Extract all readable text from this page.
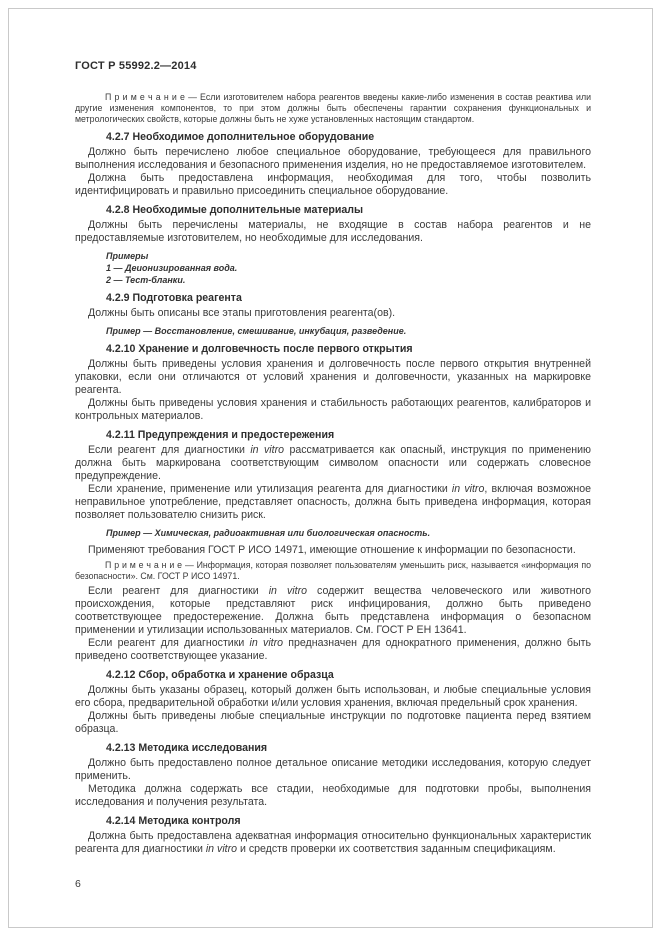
ГОСТ Р 55992.2—2014

П р и м е ч а н и е — Если изготовителем набора реагентов введены какие-либо изменения в состав реактива или другие изменения компонентов, то при этом должны быть обеспечены гарантии сохранения функциональных и метрологических свойств, которые должны быть не хуже установленных настоящим стандартом.

4.2.7 Необходимое дополнительное оборудование

Должно быть перечислено любое специальное оборудование, требующееся для правильного выполнения исследования и безопасного применения изделия, но не предоставляемое изготовителем.

Должна быть предоставлена информация, необходимая для того, чтобы позволить идентифицировать и правильно присоединить специальное оборудование.

4.2.8 Необходимые дополнительные материалы

Должны быть перечислены материалы, не входящие в состав набора реагентов и не предоставляемые изготовителем, но необходимые для исследования.

Примеры

1 — Деионизированная вода.

2 — Тест-бланки.

4.2.9 Подготовка реагента

Должны быть описаны все этапы приготовления реагента(ов).

Пример — Восстановление, смешивание, инкубация, разведение.

4.2.10 Хранение и долговечность после первого открытия

Должны быть приведены условия хранения и долговечность после первого открытия внутренней упаковки, если они отличаются от условий хранения и долговечности, указанных на маркировке реагента.

Должны быть приведены условия хранения и стабильность работающих реагентов, калибраторов и контрольных материалов.

4.2.11 Предупреждения и предостережения

Если реагент для диагностики in vitro рассматривается как опасный, инструкция по применению должна быть маркирована соответствующим символом опасности или содержать словесное предупреждение.

Если хранение, применение или утилизация реагента для диагностики in vitro, включая возможное неправильное употребление, представляет опасность, должна быть приведена информация, которая позволяет пользователю снизить риск.

Пример — Химическая, радиоактивная или биологическая опасность.

Применяют требования ГОСТ Р ИСО 14971, имеющие отношение к информации по безопасности.

П р и м е ч а н и е — Информация, которая позволяет пользователям уменьшить риск, называется «информация по безопасности». См. ГОСТ Р ИСО 14971.

Если реагент для диагностики in vitro содержит вещества человеческого или животного происхождения, которые представляют риск инфицирования, должно быть приведено соответствующее предостережение. Должна быть представлена информация о безопасном применении и утилизации использованных материалов. См. ГОСТ Р ЕН 13641.

Если реагент для диагностики in vitro предназначен для однократного применения, должно быть приведено соответствующее указание.

4.2.12 Сбор, обработка и хранение образца

Должны быть указаны образец, который должен быть использован, и любые специальные условия его сбора, предварительной обработки и/или условия хранения, включая предельный срок хранения.

Должны быть приведены любые специальные инструкции по подготовке пациента перед взятием образца.

4.2.13 Методика исследования

Должно быть предоставлено полное детальное описание методики исследования, которую следует применить.

Методика должна содержать все стадии, необходимые для подготовки пробы, выполнения исследования и получения результата.

4.2.14 Методика контроля

Должна быть предоставлена адекватная информация относительно функциональных характеристик реагента для диагностики in vitro и средств проверки их соответствия заданным спецификациям.

6
